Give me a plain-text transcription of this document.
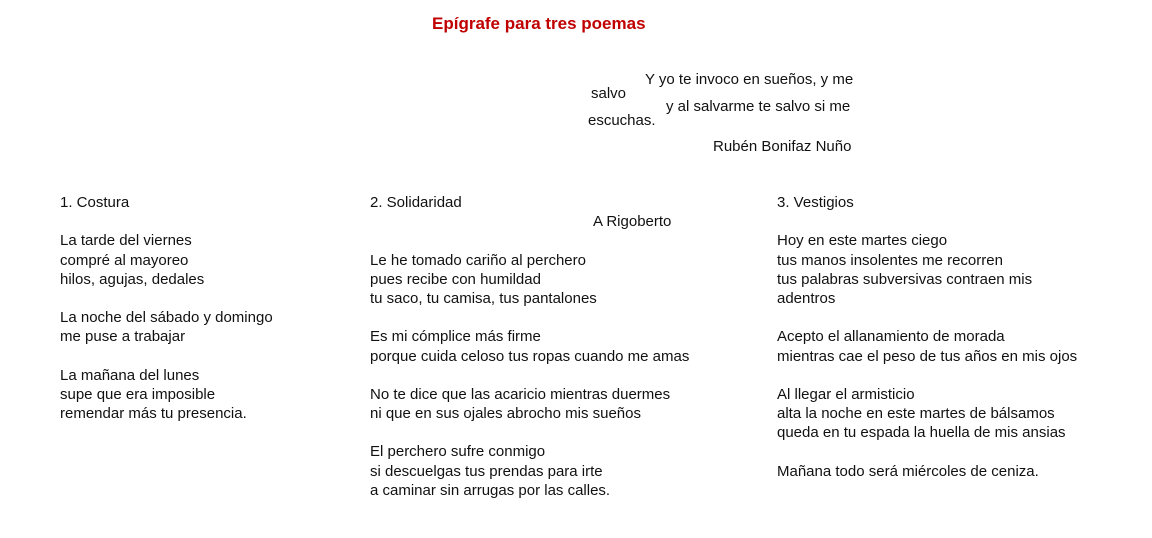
Epígrafe para tres poemas
Y yo te invoco en sueños, y me
salvo
y al salvarme te salvo si me
escuchas.
Rubén Bonifaz Nuño
1. Costura
La tarde del viernes
compré al mayoreo
hilos, agujas, dedales
La noche del sábado y domingo
me puse a trabajar
La mañana del lunes
supe que era imposible
remendar más tu presencia.
2. Solidaridad
A Rigoberto
Le he tomado cariño al perchero
pues recibe con humildad
tu saco, tu camisa, tus pantalones
Es mi cómplice más firme
porque cuida celoso tus ropas cuando me amas
No te dice que las acaricio mientras duermes
ni que en sus ojales abrocho mis sueños
El perchero sufre conmigo
si descuelgas tus prendas para irte
a caminar sin arrugas por las calles.
3. Vestigios
Hoy en este martes ciego
tus manos insolentes me recorren
tus palabras subversivas contraen mis
adentros
Acepto el allanamiento de morada
mientras cae el peso de tus años en mis ojos
Al llegar el armisticio
alta la noche en este martes de bálsamos
queda en tu espada la huella de mis ansias
Mañana todo será miércoles de ceniza.
